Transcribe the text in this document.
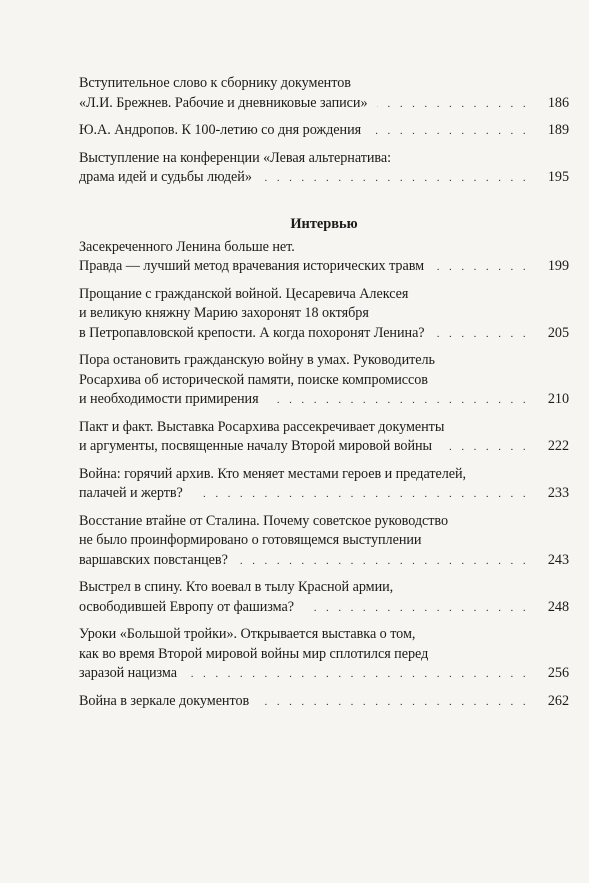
Вступительное слово к сборнику документов
«Л.И. Брежнев. Рабочие и дневниковые записи» . . .	186
Ю.А. Андропов. К 100-летию со дня рождения . . .	189
Выступление на конференции «Левая альтернатива:
драма идей и судьбы людей» . . .	195
Интервью
Засекреченного Ленина больше нет.
Правда — лучший метод врачевания исторических травм . . .	199
Прощание с гражданской войной. Цесаревича Алексея
и великую княжну Марию захоронят 18 октября
в Петропавловской крепости. А когда похоронят Ленина? . . .	205
Пора остановить гражданскую войну в умах. Руководитель
Росархива об исторической памяти, поиске компромиссов
и необходимости примирения . . .	210
Пакт и факт. Выставка Росархива рассекречивает документы
и аргументы, посвященные началу Второй мировой войны . . .	222
Война: горячий архив. Кто меняет местами героев и предателей,
палачей и жертв? . . .	233
Восстание втайне от Сталина. Почему советское руководство
не было проинформировано о готовящемся выступлении
варшавских повстанцев? . . .	243
Выстрел в спину. Кто воевал в тылу Красной армии,
освободившей Европу от фашизма? . . .	248
Уроки «Большой тройки». Открывается выставка о том,
как во время Второй мировой войны мир сплотился перед
заразой нацизма . . .	256
Война в зеркале документов . . .	262
